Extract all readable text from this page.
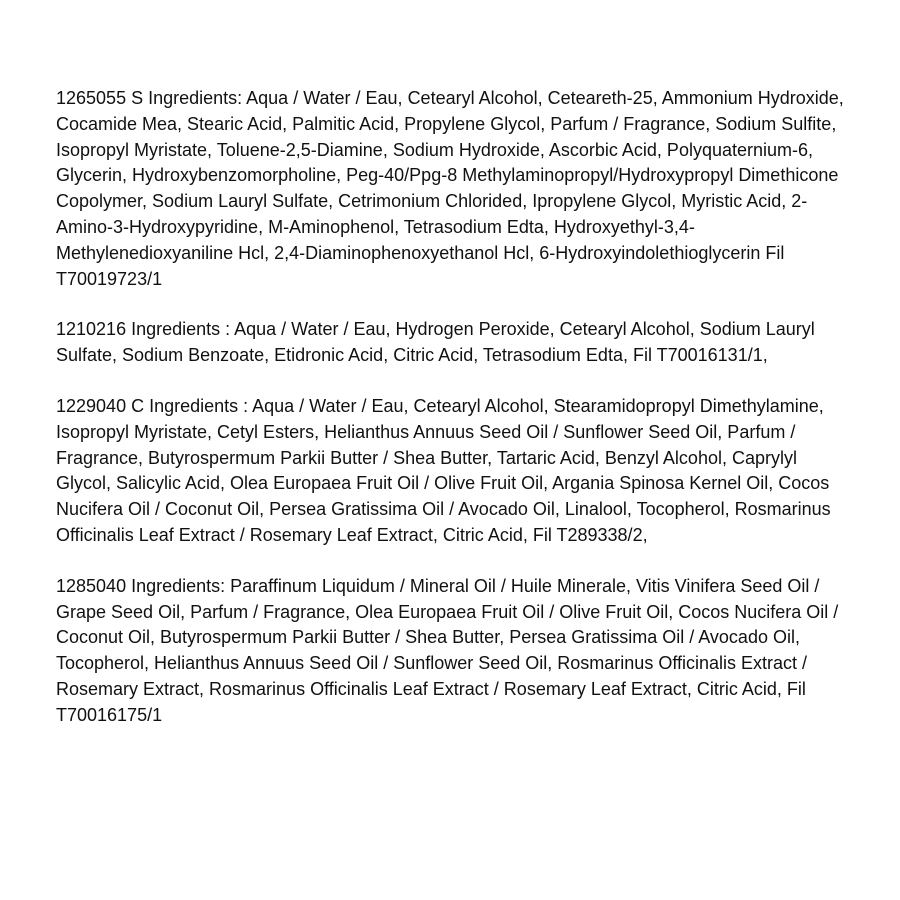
1265055 S Ingredients: Aqua / Water / Eau, Cetearyl Alcohol, Ceteareth-25, Ammonium Hydroxide, Cocamide Mea, Stearic Acid, Palmitic Acid, Propylene Glycol, Parfum / Fragrance, Sodium Sulfite, Isopropyl Myristate, Toluene-2,5-Diamine, Sodium Hydroxide, Ascorbic Acid, Polyquaternium-6, Glycerin, Hydroxybenzomorpholine, Peg-40/Ppg-8 Methylaminopropyl/Hydroxypropyl Dimethicone Copolymer, Sodium Lauryl Sulfate, Cetrimonium Chlorided, Ipropylene Glycol, Myristic Acid, 2-Amino-3-Hydroxypyridine, M-Aminophenol, Tetrasodium Edta, Hydroxyethyl-3,4-Methylenedioxyaniline Hcl, 2,4-Diaminophenoxyethanol Hcl, 6-Hydroxyindolethioglycerin Fil T70019723/1

1210216 Ingredients : Aqua / Water / Eau, Hydrogen Peroxide, Cetearyl Alcohol, Sodium Lauryl Sulfate, Sodium Benzoate, Etidronic Acid, Citric Acid, Tetrasodium Edta, Fil T70016131/1,

1229040 C Ingredients : Aqua / Water / Eau, Cetearyl Alcohol, Stearamidopropyl Dimethylamine, Isopropyl Myristate, Cetyl Esters, Helianthus Annuus Seed Oil / Sunflower Seed Oil, Parfum / Fragrance, Butyrospermum Parkii Butter / Shea Butter, Tartaric Acid, Benzyl Alcohol, Caprylyl Glycol, Salicylic Acid, Olea Europaea Fruit Oil / Olive Fruit Oil, Argania Spinosa Kernel Oil, Cocos Nucifera Oil / Coconut Oil, Persea Gratissima Oil / Avocado Oil, Linalool, Tocopherol, Rosmarinus Officinalis Leaf Extract / Rosemary Leaf Extract, Citric Acid, Fil T289338/2,

1285040 Ingredients: Paraffinum Liquidum / Mineral Oil / Huile Minerale, Vitis Vinifera Seed Oil / Grape Seed Oil, Parfum / Fragrance, Olea Europaea Fruit Oil / Olive Fruit Oil, Cocos Nucifera Oil / Coconut Oil, Butyrospermum Parkii Butter / Shea Butter, Persea Gratissima Oil / Avocado Oil, Tocopherol, Helianthus Annuus Seed Oil / Sunflower Seed Oil, Rosmarinus Officinalis Extract / Rosemary Extract, Rosmarinus Officinalis Leaf Extract / Rosemary Leaf Extract, Citric Acid, Fil T70016175/1
